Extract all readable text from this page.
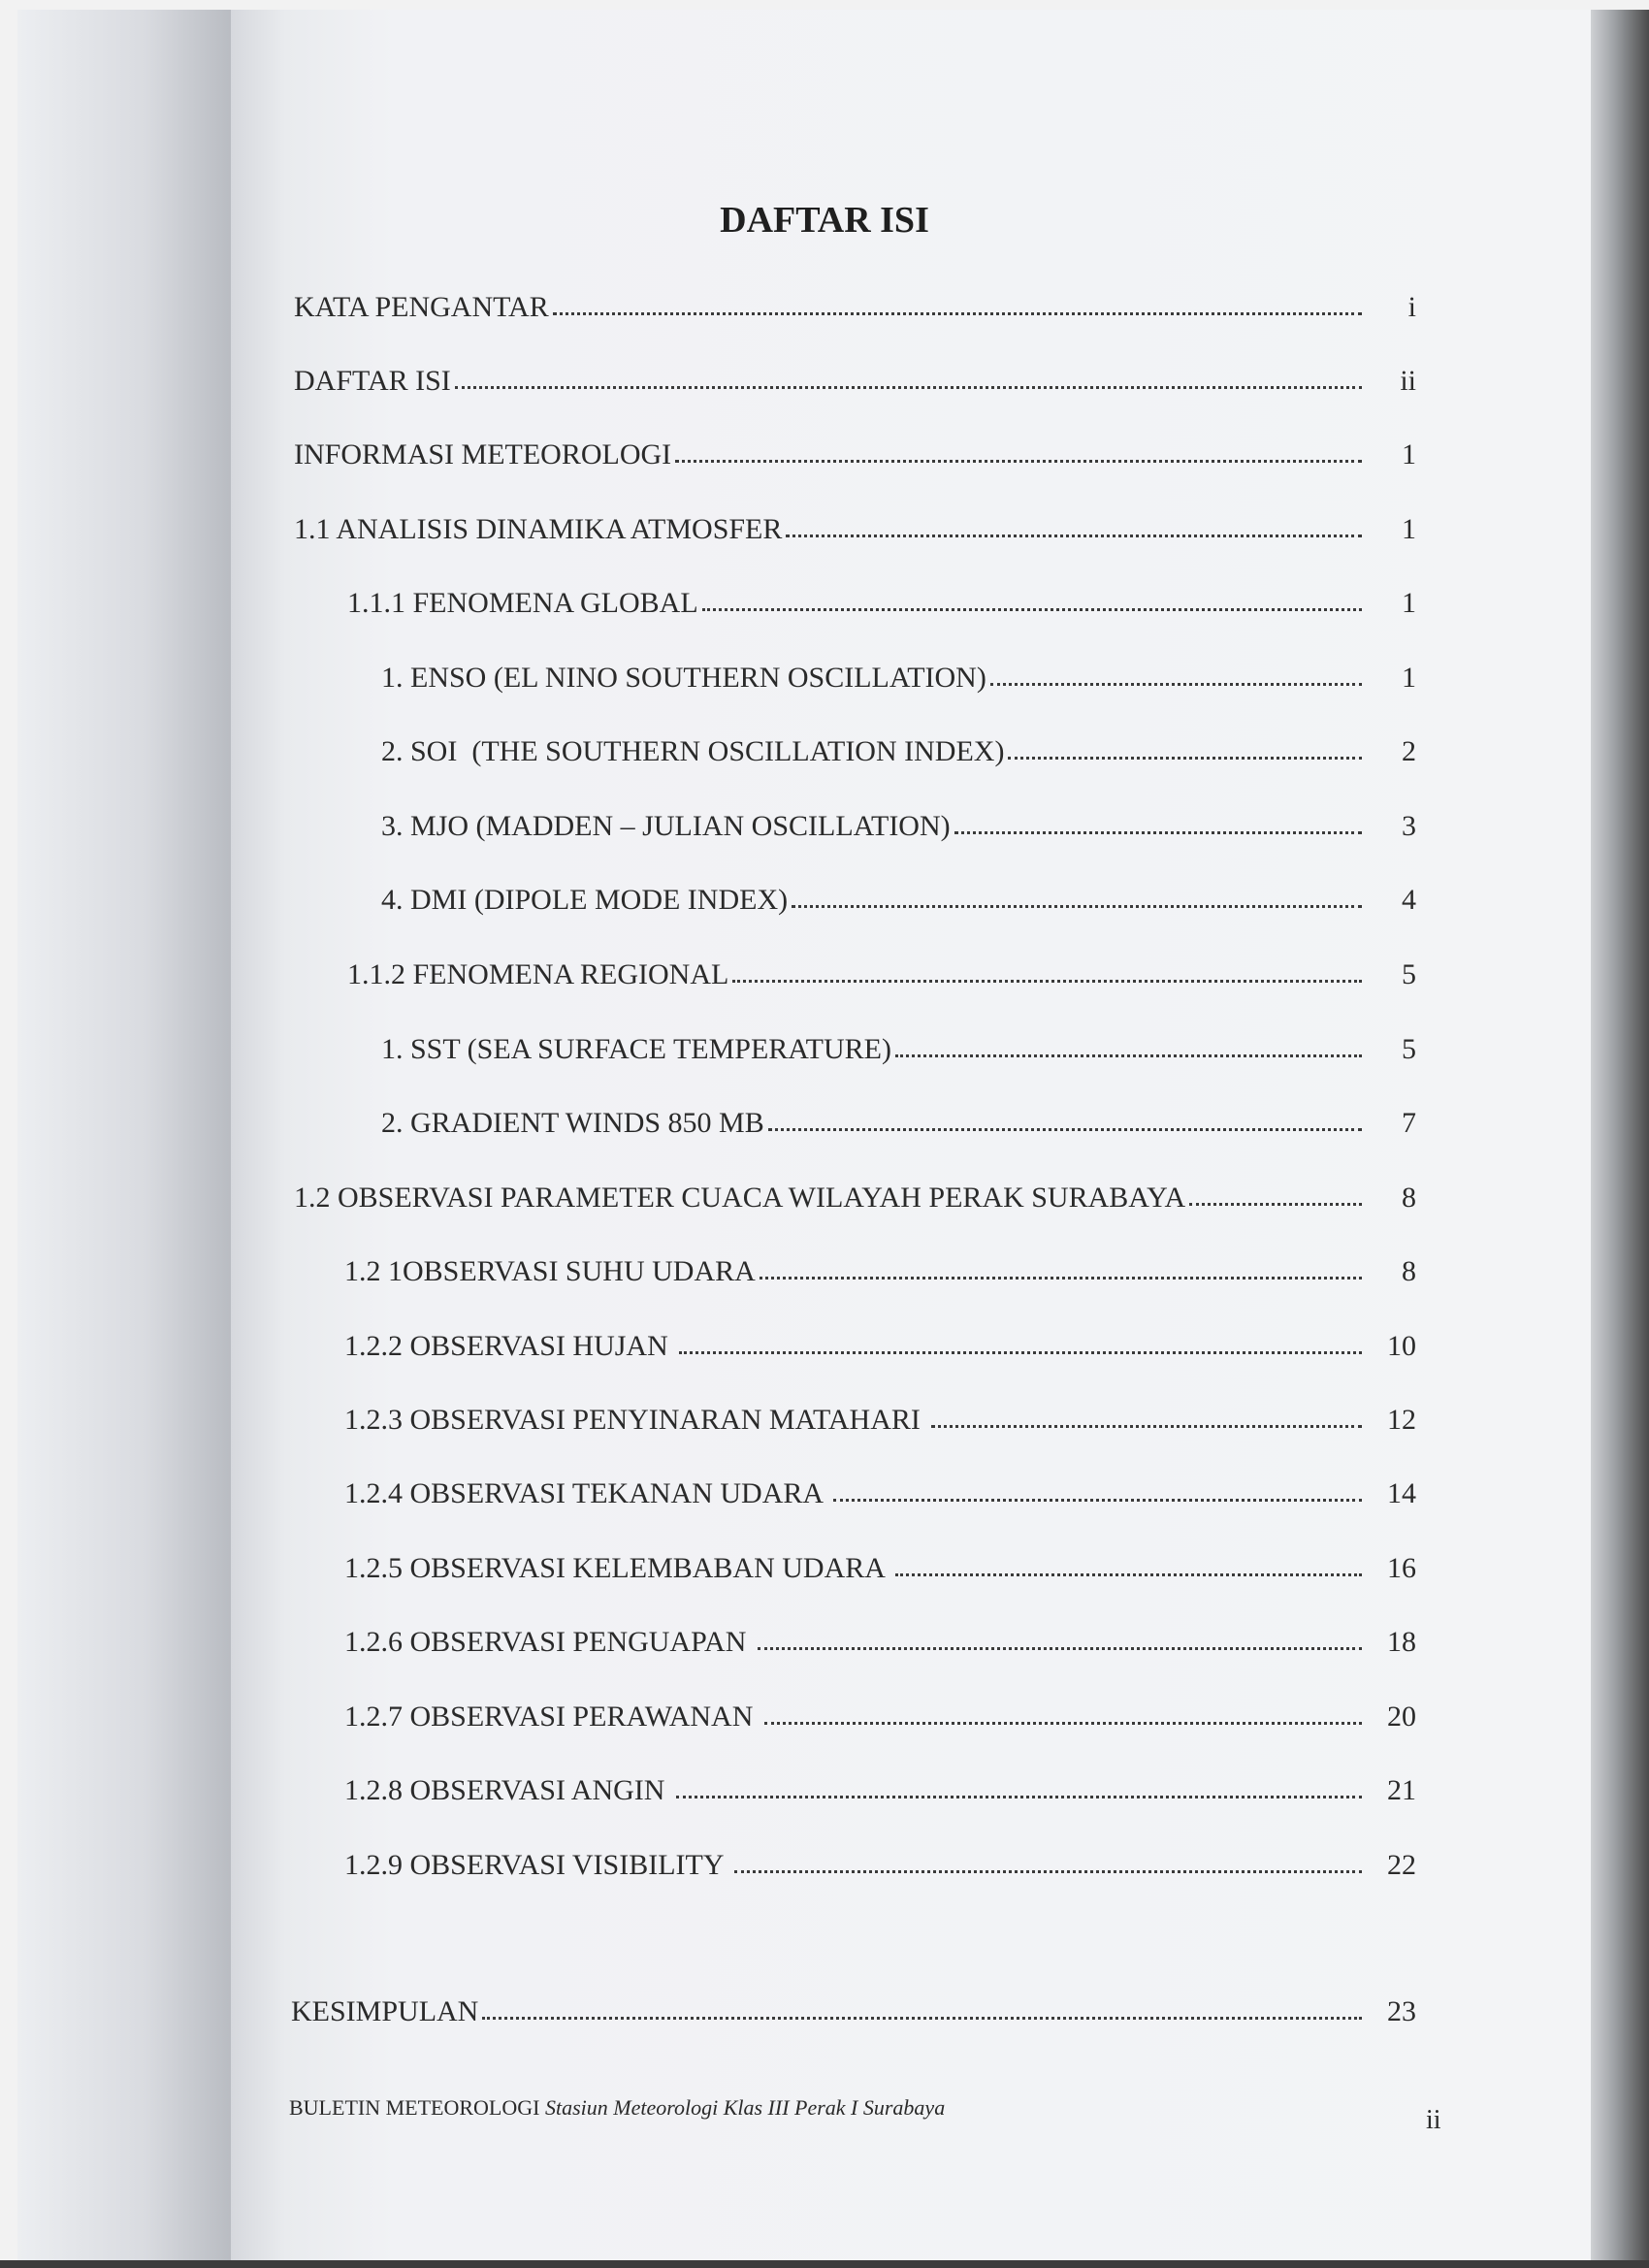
DAFTAR ISI
KATA PENGANTAR	i
DAFTAR ISI	ii
INFORMASI METEOROLOGI	1
1.1 ANALISIS DINAMIKA ATMOSFER	1
1.1.1 FENOMENA GLOBAL	1
1. ENSO (EL NINO SOUTHERN OSCILLATION)	1
2. SOI  (THE SOUTHERN OSCILLATION INDEX)	2
3. MJO (MADDEN – JULIAN OSCILLATION)	3
4. DMI (DIPOLE MODE INDEX)	4
1.1.2 FENOMENA REGIONAL	5
1. SST (SEA SURFACE TEMPERATURE)	5
2. GRADIENT WINDS 850 MB	7
1.2 OBSERVASI PARAMETER CUACA WILAYAH PERAK SURABAYA	8
1.2 1OBSERVASI SUHU UDARA	8
1.2.2 OBSERVASI HUJAN	10
1.2.3 OBSERVASI PENYINARAN MATAHARI	12
1.2.4 OBSERVASI TEKANAN UDARA	14
1.2.5 OBSERVASI KELEMBABAN UDARA	16
1.2.6 OBSERVASI PENGUAPAN	18
1.2.7 OBSERVASI PERAWANAN	20
1.2.8 OBSERVASI ANGIN	21
1.2.9 OBSERVASI VISIBILITY	22
KESIMPULAN	23
BULETIN METEOROLOGI Stasiun Meteorologi Klas III Perak I Surabaya	ii
